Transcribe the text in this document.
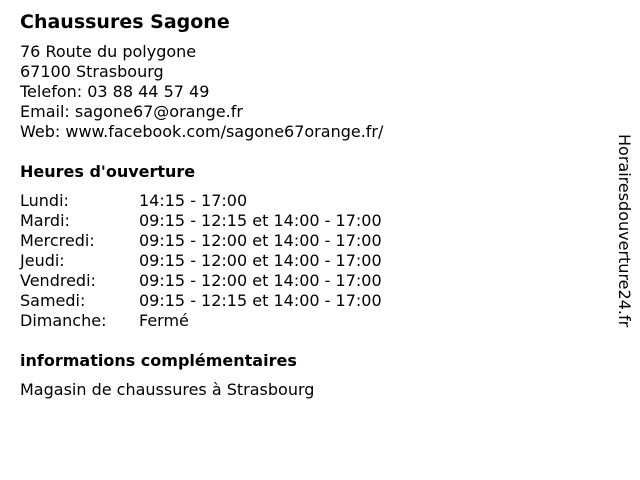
Chaussures Sagone
76 Route du polygone
67100 Strasbourg
Telefon: 03 88 44 57 49
Email: sagone67@orange.fr
Web: www.facebook.com/sagone67orange.fr/
Heures d'ouverture
Lundi:	14:15 - 17:00
Mardi:	09:15 - 12:15 et 14:00 - 17:00
Mercredi:	09:15 - 12:00 et 14:00 - 17:00
Jeudi:	09:15 - 12:00 et 14:00 - 17:00
Vendredi:	09:15 - 12:00 et 14:00 - 17:00
Samedi:	09:15 - 12:15 et 14:00 - 17:00
Dimanche:	Fermé
informations complémentaires
Magasin de chaussures à Strasbourg
Horairesdouverture24.fr
